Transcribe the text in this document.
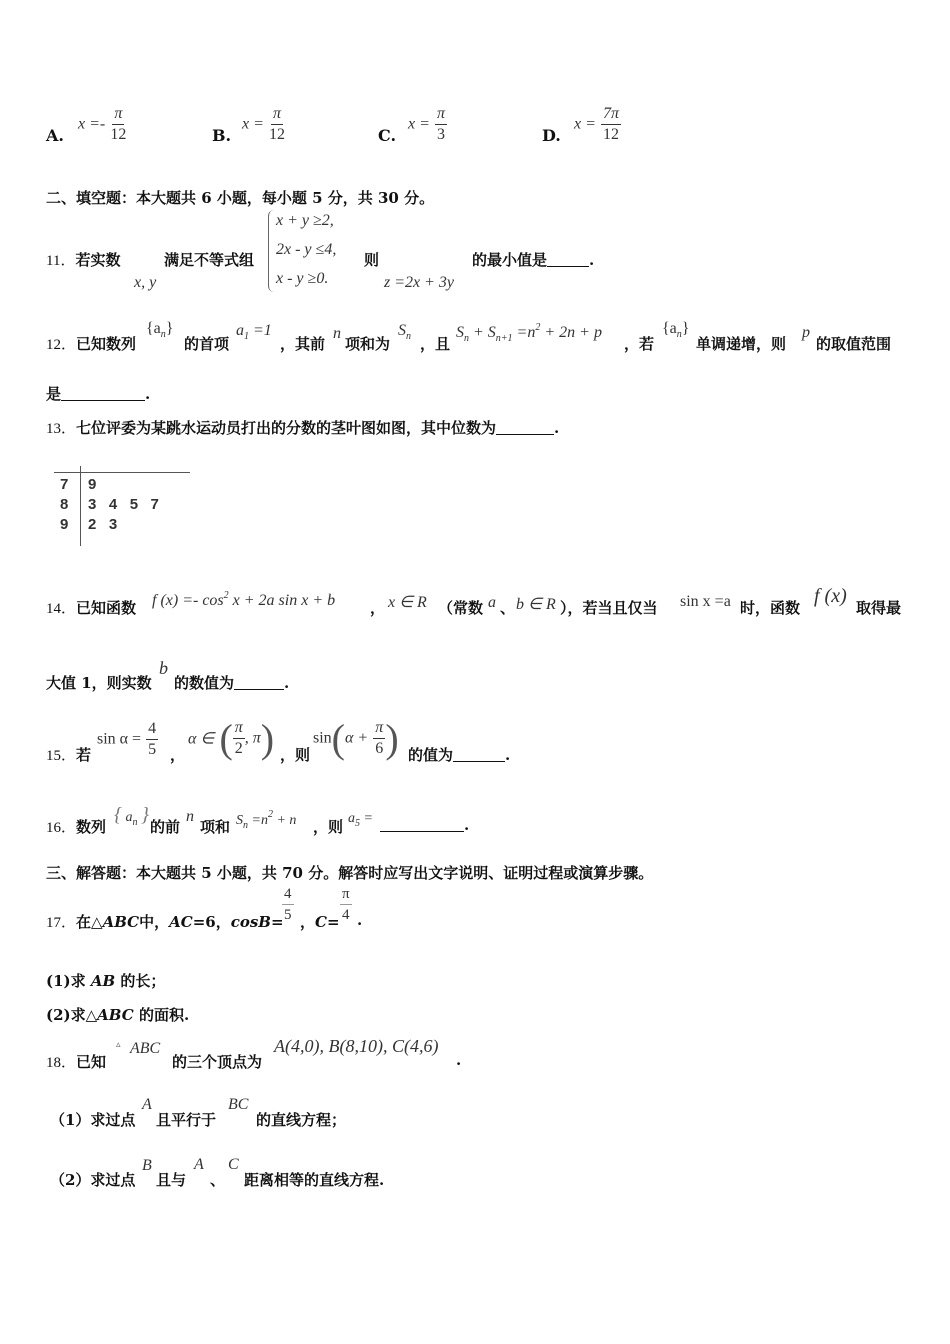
A.
$x =- \frac{\pi}{12}$	B.
$x = \frac{\pi}{12}$	C.
$x = \frac{\pi}{3}$	D.
$x = \frac{7\pi}{12}$
二、填空题：本大题共 6 小题，每小题 5 分，共 30 分。
11．若实数	满足不等式组
x, y
x + y ≥2,
2x - y ≤4,
x - y ≥0.
则
z =2x + 3y
的最小值是	.
12．已知数列
$\{a_n\}$
的首项
$a_1 =1$
，其前
n
项和为
$S_n$ ，且
$S_n + S_{n+1} =n^2 + 2n + p$
，若
$\{a_n\}$
单调递增，则
p
的取值范围
是	.
13．七位评委为某跳水运动员打出的分数的茎叶图如图，其中位数为	.
7 9
8 3   4   5   7
9 2   3
14．已知函数 f $(x) =- \cos^2 x + 2a$ sin x + b ， x ∈ R （常数 a 、 b ∈ R ），若当且仅当 sin x =a 时，函数
f (x)
取得最
大值 1，则实数
b
的数值为	.
15．若
$\sin \alpha = \frac{4}{5}$ ，
α ∈ ( $\frac{\pi}{2}$ , π) ，则
$\sin(\alpha + \frac{\pi}{6}$ ) 的值为	.
16．数列
{ $a_n$ }
的前
n
项和 $S_n =n^2 + n$ ，则 $a_5$ =	.
三、解答题：本大题共 5 小题，共 70 分。解答时应写出文字说明、证明过程或演算步骤。
17．在△ABC中，AC=6，cosB=
$\frac{4}{5}$ ，$C= \frac{\pi}{4}$ .
(1)求 AB 的长；
(2)求△ABC 的面积.
18．已知
▵ ABC
的三个顶点为
A(4,0), B(8,10), C(4,6)
.
（1）求过点
A
且平行于
BC
的直线方程；
（2）求过点
B
且与
A
、
C
距离相等的直线方程.
